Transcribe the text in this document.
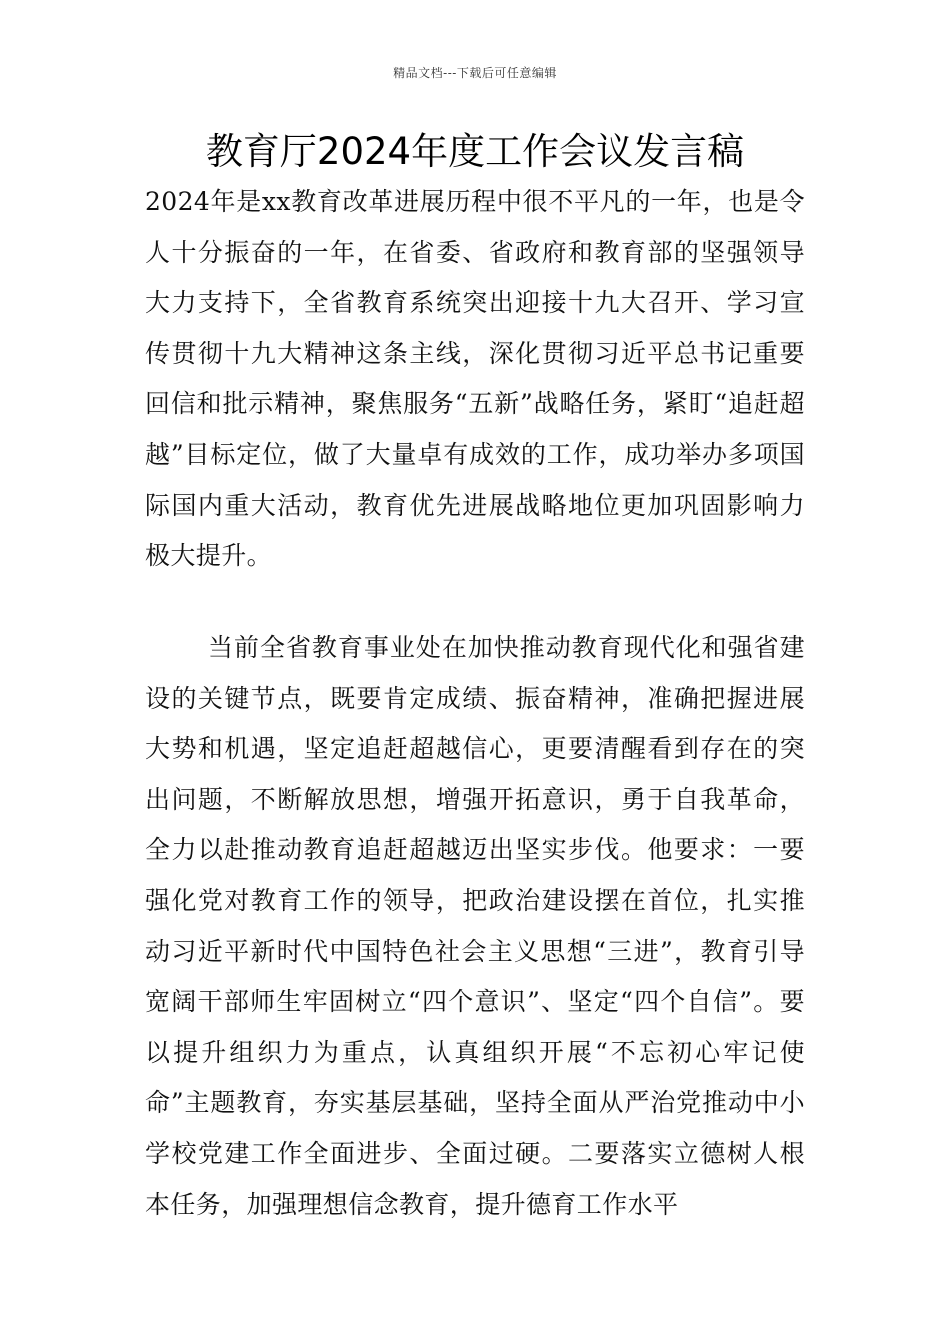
精品文档---下载后可任意编辑
教育厅2024年度工作会议发言稿

2024年是xx教育改革进展历程中很不平凡的一年，也是令人十分振奋的一年，在省委、省政府和教育部的坚强领导大力支持下，全省教育系统突出迎接十九大召开、学习宣传贯彻十九大精神这条主线，深化贯彻习近平总书记重要回信和批示精神，聚焦服务“五新”战略任务，紧盯“追赶超越”目标定位，做了大量卓有成效的工作，成功举办多项国际国内重大活动，教育优先进展战略地位更加巩固影响力极大提升。

当前全省教育事业处在加快推动教育现代化和强省建设的关键节点，既要肯定成绩、振奋精神，准确把握进展大势和机遇，坚定追赶超越信心，更要清醒看到存在的突出问题，不断解放思想，增强开拓意识，勇于自我革命，全力以赴推动教育追赶超越迈出坚实步伐。他要求：一要强化党对教育工作的领导，把政治建设摆在首位，扎实推动习近平新时代中国特色社会主义思想“三进”，教育引导宽阔干部师生牢固树立“四个意识”、坚定“四个自信”。要以提升组织力为重点，认真组织开展“不忘初心牢记使命”主题教育，夯实基层基础，坚持全面从严治党推动中小学校党建工作全面进步、全面过硬。二要落实立德树人根本任务，加强理想信念教育，提升德育工作水平
